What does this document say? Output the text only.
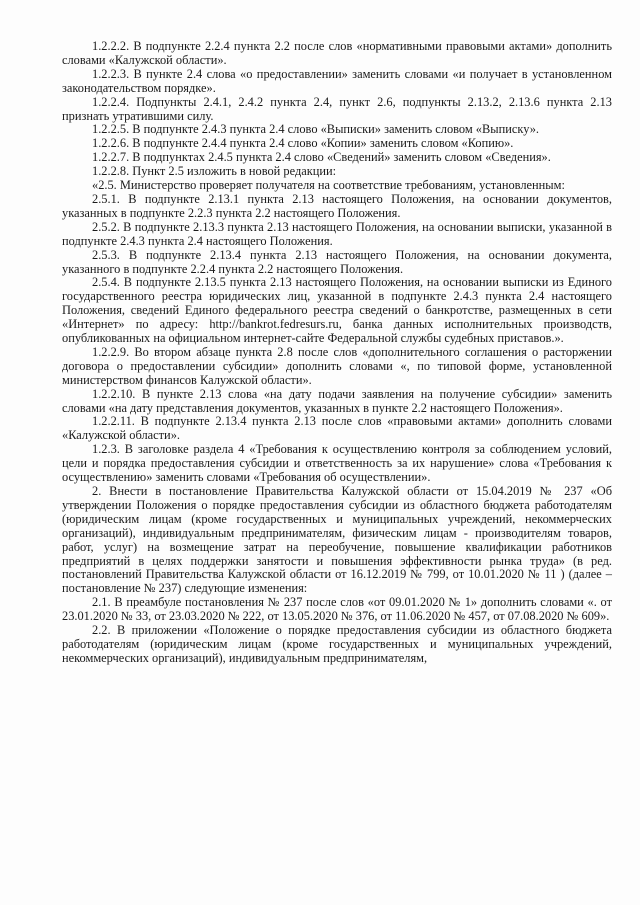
1.2.2.2. В подпункте 2.2.4 пункта 2.2 после слов «нормативными правовыми актами» дополнить словами «Калужской области».

1.2.2.3. В пункте 2.4 слова «о предоставлении» заменить словами «и получает в установленном законодательством порядке».

1.2.2.4. Подпункты 2.4.1, 2.4.2 пункта 2.4, пункт 2.6, подпункты 2.13.2, 2.13.6 пункта 2.13 признать утратившими силу.

1.2.2.5. В подпункте 2.4.3 пункта 2.4 слово «Выписки» заменить словом «Выписку».

1.2.2.6. В подпункте 2.4.4 пункта 2.4 слово «Копии» заменить словом «Копию».

1.2.2.7. В подпунктах 2.4.5 пункта 2.4 слово «Сведений» заменить словом «Сведения».

1.2.2.8. Пункт 2.5 изложить в новой редакции:

«2.5. Министерство проверяет получателя на соответствие требованиям, установленным:

2.5.1. В подпункте 2.13.1 пункта 2.13 настоящего Положения, на основании документов, указанных в подпункте 2.2.3 пункта 2.2 настоящего Положения.

2.5.2. В подпункте 2.13.3 пункта 2.13 настоящего Положения, на основании выписки, указанной в подпункте 2.4.3 пункта 2.4 настоящего Положения.

2.5.3. В подпункте 2.13.4 пункта 2.13 настоящего Положения, на основании документа, указанного в подпункте 2.2.4 пункта 2.2 настоящего Положения.

2.5.4. В подпункте 2.13.5 пункта 2.13 настоящего Положения, на основании выписки из Единого государственного реестра юридических лиц, указанной в подпункте 2.4.3 пункта 2.4 настоящего Положения, сведений Единого федерального реестра сведений о банкротстве, размещенных в сети «Интернет» по адресу: http://bankrot.fedresurs.ru, банка данных исполнительных производств, опубликованных на официальном интернет-сайте Федеральной службы судебных приставов.».

1.2.2.9. Во втором абзаце пункта 2.8 после слов «дополнительного соглашения о расторжении договора о предоставлении субсидии» дополнить словами «, по типовой форме, установленной министерством финансов Калужской области».

1.2.2.10. В пункте 2.13 слова «на дату подачи заявления на получение субсидии» заменить словами «на дату представления документов, указанных в пункте 2.2 настоящего Положения».

1.2.2.11. В подпункте 2.13.4 пункта 2.13 после слов «правовыми актами» дополнить словами «Калужской области».

1.2.3. В заголовке раздела 4 «Требования к осуществлению контроля за соблюдением условий, цели и порядка предоставления субсидии и ответственность за их нарушение» слова «Требования к осуществлению» заменить словами «Требования об осуществлении».

2. Внести в постановление Правительства Калужской области от 15.04.2019 № 237 «Об утверждении Положения о порядке предоставления субсидии из областного бюджета работодателям (юридическим лицам (кроме государственных и муниципальных учреждений, некоммерческих организаций), индивидуальным предпринимателям, физическим лицам - производителям товаров, работ, услуг) на возмещение затрат на переобучение, повышение квалификации работников предприятий в целях поддержки занятости и повышения эффективности рынка труда» (в ред. постановлений Правительства Калужской области от 16.12.2019 № 799, от 10.01.2020 № 11 ) (далее – постановление № 237) следующие изменения:

2.1. В преамбуле постановления № 237 после слов «от 09.01.2020 № 1» дополнить словами «. от 23.01.2020 № 33, от 23.03.2020 № 222, от 13.05.2020 № 376, от 11.06.2020 № 457, от 07.08.2020 № 609».

2.2. В приложении «Положение о порядке предоставления субсидии из областного бюджета работодателям (юридическим лицам (кроме государственных и муниципальных учреждений, некоммерческих организаций), индивидуальным предпринимателям,
